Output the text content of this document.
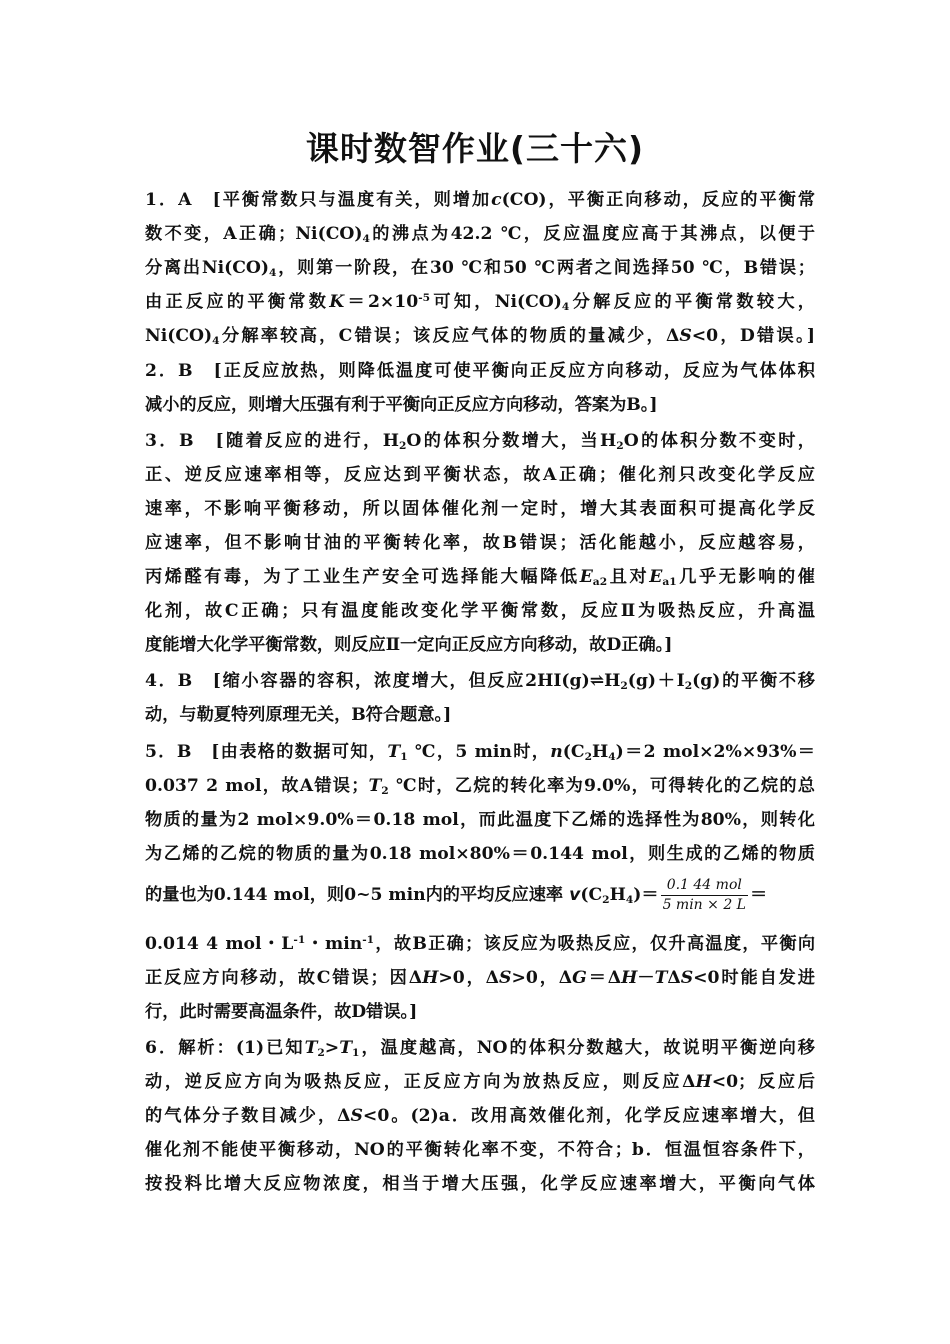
课时数智作业(三十六)
1．A　[平衡常数只与温度有关，则增加c(CO)，平衡正向移动，反应的平衡常
数不变，A正确；$Ni(CO)_4$的沸点为42.2 ℃，反应温度应高于其沸点，以便于
分离出$Ni(CO)_4$，则第一阶段，在30 ℃和50 ℃两者之间选择50 ℃，B错误；
由正反应的平衡常数$K=2\times 10^{-5}$可知，$Ni(CO)_4$分解反应的平衡常数较大，
$Ni(CO)_4$分解率较高，C错误；该反应气体的物质的量减少，ΔS<0，D错误。]
2．B　[正反应放热，则降低温度可使平衡向正反应方向移动，反应为气体体积
减小的反应，则增大压强有利于平衡向正反应方向移动，答案为B。]
3．B　[随着反应的进行，$H_2O$的体积分数增大，当$H_2O$的体积分数不变时，
正、逆反应速率相等，反应达到平衡状态，故A正确；催化剂只改变化学反应
速率，不影响平衡移动，所以固体催化剂一定时，增大其表面积可提高化学反
应速率，但不影响甘油的平衡转化率，故B错误；活化能越小，反应越容易，
丙烯醛有毒，为了工业生产安全可选择能大幅降低$E_{a2}$且对$E_{a1}$几乎无影响的催
化剂，故C正确；只有温度能改变化学平衡常数，反应Ⅱ为吸热反应，升高温
度能增大化学平衡常数，则反应Ⅱ一定向正反应方向移动，故D正确。]
4．B　[缩小容器的容积，浓度增大，但反应$2HI(g)\rightleftharpoons H_2(g)+I_2(g)$的平衡不移
动，与勒夏特列原理无关，B符合题意。]
5．B　[由表格的数据可知，$T_1$ ℃，5 min时，$n(C_2H_4)=2$ mol×2%×93%＝
0.037 2 mol，故A错误；$T_2$ ℃时，乙烷的转化率为9.0%，可得转化的乙烷的总
物质的量为2 mol×9.0%＝0.18 mol，而此温度下乙烯的选择性为80%，则转化
为乙烯的乙烷的物质的量为0.18 mol×80%＝0.144 mol，则生成的乙烯的物质
的量也为0.144 mol，则0~5 min内的平均反应速率 $v(C_2H_4)= \frac{\text{0.1 44 mol}}{5 \min \times 2 L}$ ＝
0.014 4 mol・$L^{-1}$・$\min^{-1}$，故B正确；该反应为吸热反应，仅升高温度，平衡向
正反应方向移动，故C错误；因ΔH>0，ΔS>0，ΔG＝ΔH－TΔS<0时能自发进
行，此时需要高温条件，故D错误。]
6．解析：(1)已知$T_2>T_1$，温度越高，NO的体积分数越大，故说明平衡逆向移
动，逆反应方向为吸热反应，正反应方向为放热反应，则反应ΔH<0；反应后
的气体分子数目减少，ΔS<0。(2)a．改用高效催化剂，化学反应速率增大，但
催化剂不能使平衡移动，NO的平衡转化率不变，不符合；b．恒温恒容条件下，
按投料比增大反应物浓度，相当于增大压强，化学反应速率增大，平衡向气体
